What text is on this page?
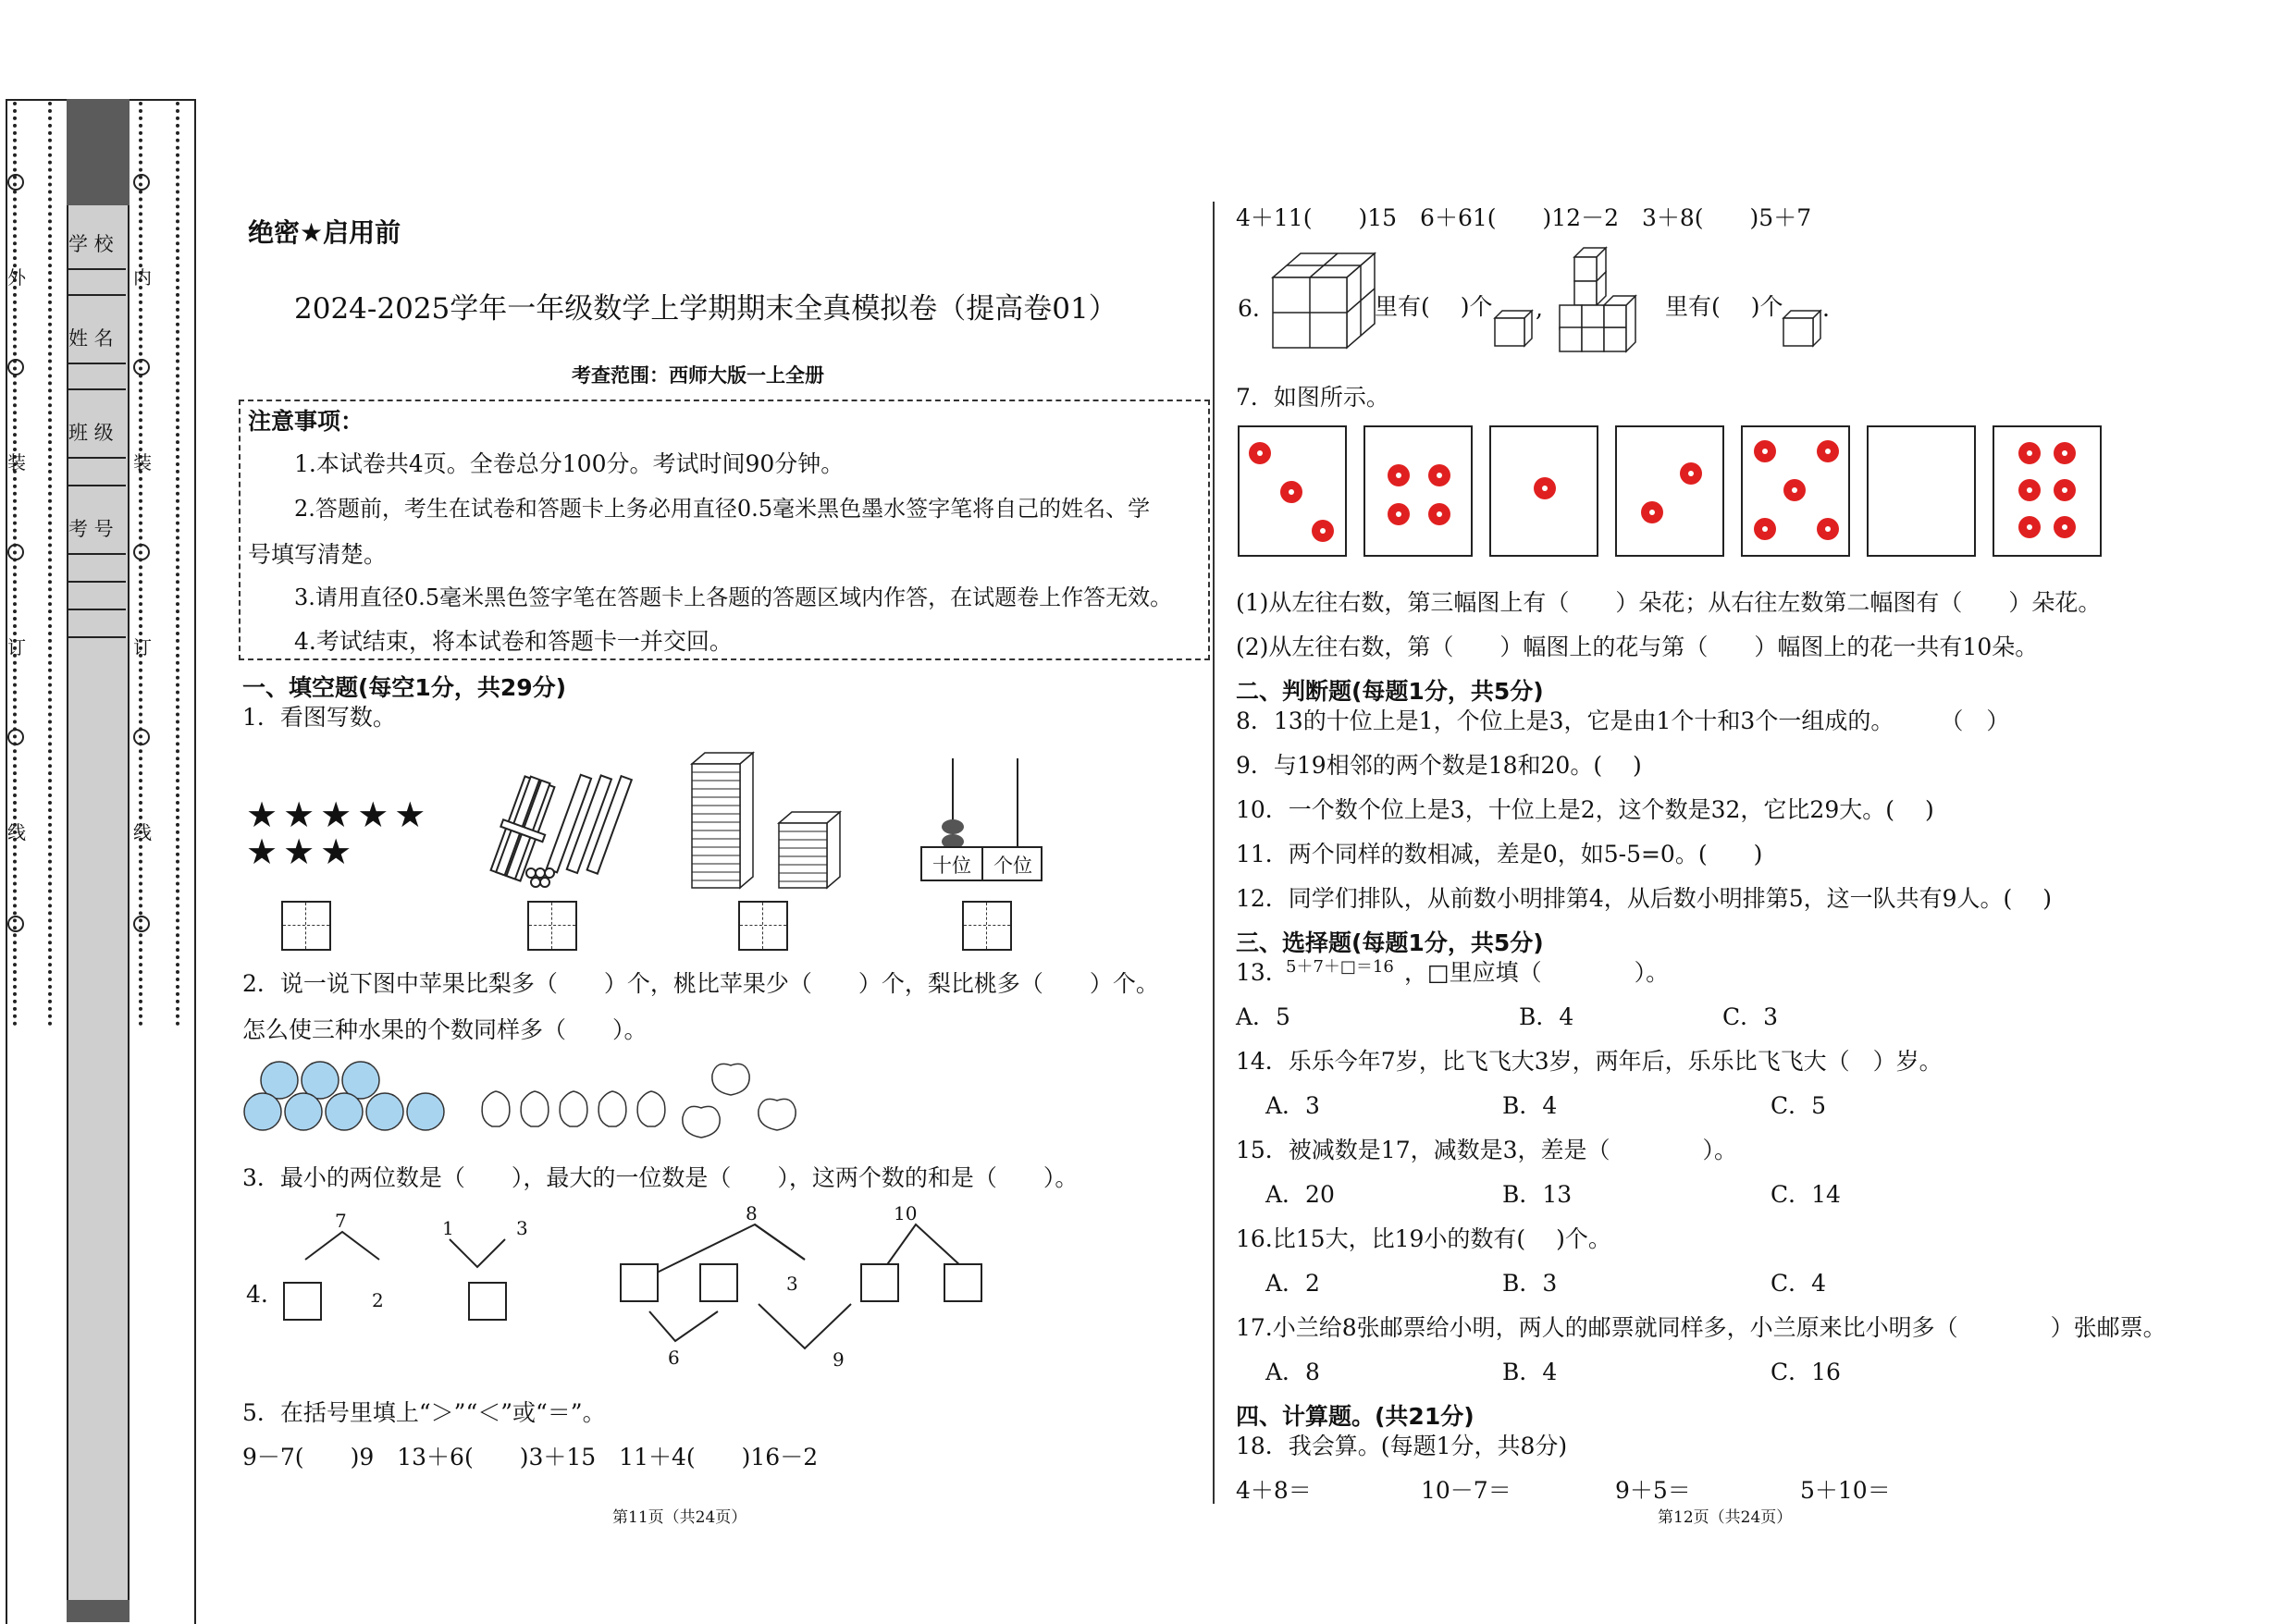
外
装
订
线
内
装
订
线
学 校
姓 名
班 级
考 号
绝密★启用前
2024-2025学年一年级数学上学期期末全真模拟卷（提高卷01）
考查范围：西师大版一上全册
注意事项：
1.本试卷共4页。全卷总分100分。考试时间90分钟。
2.答题前，考生在试卷和答题卡上务必用直径0.5毫米黑色墨水签字笔将自己的姓名、学
号填写清楚。
3.请用直径0.5毫米黑色签字笔在答题卡上各题的答题区域内作答，在试题卷上作答无效。
4.考试结束，将本试卷和答题卡一并交回。
一、填空题(每空1分，共29分)
1．看图写数。
★★★★★
★★★	十位 个位
2．说一说下图中苹果比梨多（　　）个，桃比苹果少（　　）个，梨比桃多（　　）个。
怎么使三种水果的个数同样多（　　）。
3．最小的两位数是（　　），最大的一位数是（　　），这两个数的和是（　　）。
4.
7
2
1	3
8
6
3
10
9
5．在括号里填上“＞”“＜”或“＝”。
9－7(　　)9　13＋6(　　)3＋15　11＋4(　　)16－2
第11页（共24页）
4＋11(　　)15　6＋61(　　)12－2　3＋8(　　)5＋7
6.	里有(　 )个 ,	里有(　 )个 .
7．如图所示。
(1)从左往右数，第三幅图上有（　　）朵花；从右往左数第二幅图有（　　）朵花。
(2)从左往右数，第（　　）幅图上的花与第（　　）幅图上的花一共有10朵。
二、判断题(每题1分，共5分)
8．13的十位上是1，个位上是3，它是由1个十和3个一组成的。　　　（　）
9．与19相邻的两个数是18和20。(　 )
10．一个数个位上是3，十位上是2，这个数是32，它比29大。(　 )
11．两个同样的数相减，差是0，如5-5=0。(　　)
12．同学们排队，从前数小明排第4，从后数小明排第5，这一队共有9人。(　 )
三、选择题(每题1分，共5分)
13．
5＋7＋□＝16 ，□里应填（　　　　）。
A．5	B．4	C．3
14．乐乐今年7岁，比飞飞大3岁，两年后，乐乐比飞飞大（　）岁。
A．3	B．4	C．5
15．被减数是17，减数是3，差是（　　　　）。
A．20	B．13	C．14
16.比15大，比19小的数有(　 )个。
A．2	B．3	C．4
17.小兰给8张邮票给小明，两人的邮票就同样多，小兰原来比小明多（　　　　）张邮票。
A．8	B．4	C．16
四、计算题。(共21分)
18．我会算。(每题1分，共8分)
4＋8＝	10－7＝	9＋5＝	5＋10＝
第12页（共24页）
